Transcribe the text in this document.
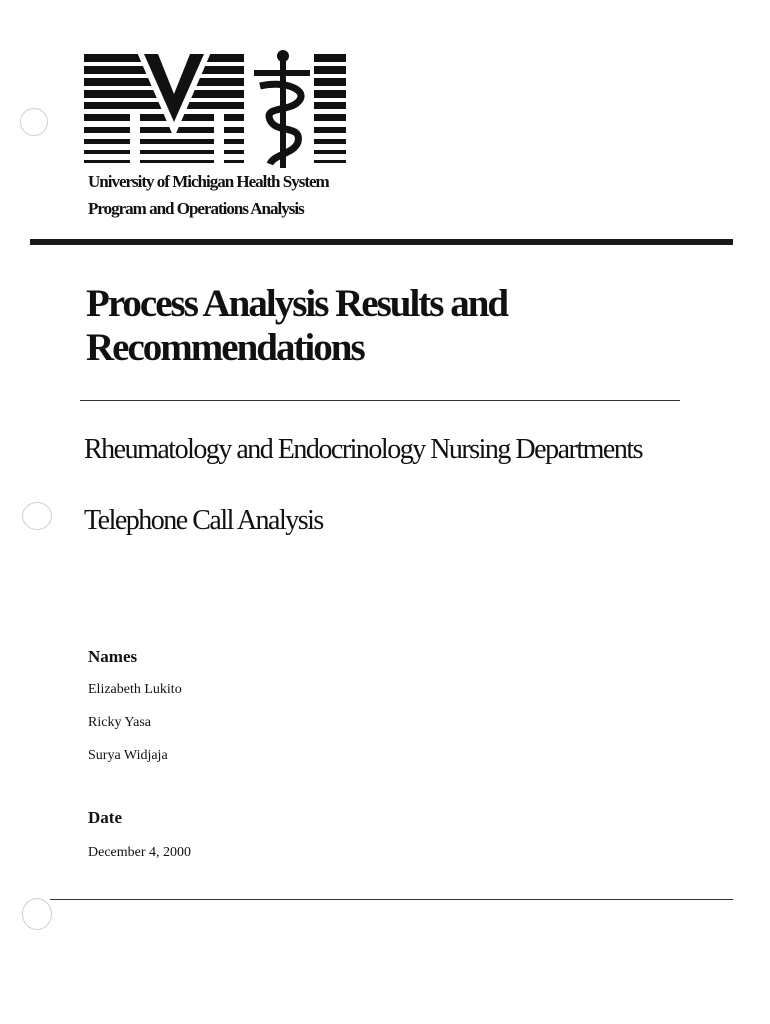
University of Michigan Health System
Program and Operations Analysis
Process Analysis Results and
Recommendations
Rheumatology and Endocrinology Nursing Departments
Telephone Call Analysis
Names
Elizabeth Lukito
Ricky Yasa
Surya Widjaja
Date
December 4, 2000
